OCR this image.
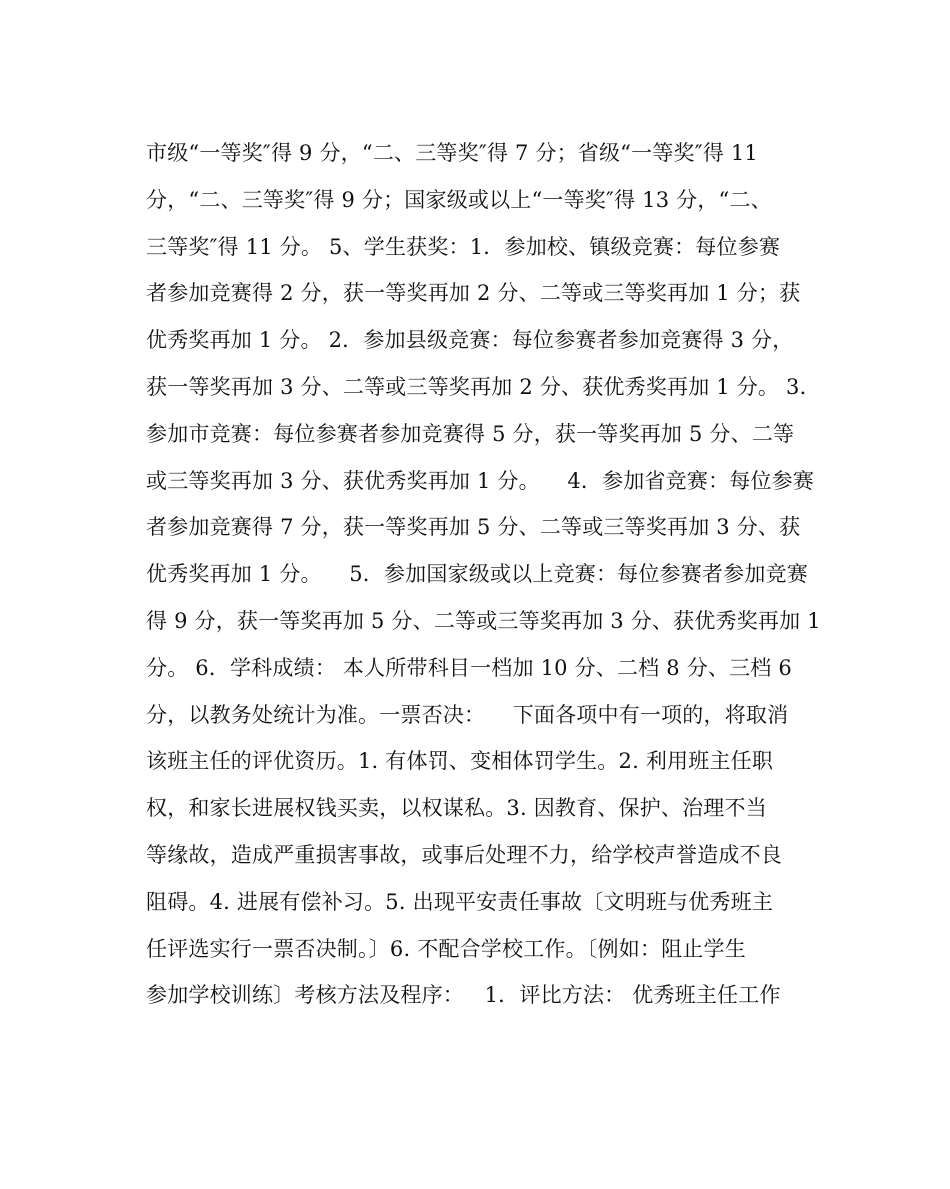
市级“一等奖″得 9 分，“二、三等奖″得 7 分；省级“一等奖″得 11
分，“二、三等奖″得 9 分；国家级或以上“一等奖″得 13 分，“二、
三等奖″得 11 分。 5、学生获奖：1．参加校、镇级竞赛：每位参赛
者参加竞赛得 2 分，获一等奖再加 2 分、二等或三等奖再加 1 分；获
优秀奖再加 1 分。 2．参加县级竞赛：每位参赛者参加竞赛得 3 分，
获一等奖再加 3 分、二等或三等奖再加 2 分、获优秀奖再加 1 分。 3．
参加市竞赛：每位参赛者参加竞赛得 5 分，获一等奖再加 5 分、二等
或三等奖再加 3 分、获优秀奖再加 1 分。    4．参加省竞赛：每位参赛
者参加竞赛得 7 分，获一等奖再加 5 分、二等或三等奖再加 3 分、获
优秀奖再加 1 分。    5．参加国家级或以上竞赛：每位参赛者参加竞赛
得 9 分，获一等奖再加 5 分、二等或三等奖再加 3 分、获优秀奖再加 1
分。 6．学科成绩： 本人所带科目一档加 10 分、二档 8 分、三档 6
分，以教务处统计为准。一票否决：    下面各项中有一项的，将取消
该班主任的评优资历。1. 有体罚、变相体罚学生。2. 利用班主任职
权，和家长进展权钱买卖，以权谋私。3. 因教育、保护、治理不当
等缘故，造成严重损害事故，或事后处理不力，给学校声誉造成不良
阻碍。4. 进展有偿补习。5. 出现平安责任事故〔文明班与优秀班主
任评选实行一票否决制。〕6. 不配合学校工作。〔例如：阻止学生
参加学校训练〕考核方法及程序：   1．评比方法： 优秀班主任工作
